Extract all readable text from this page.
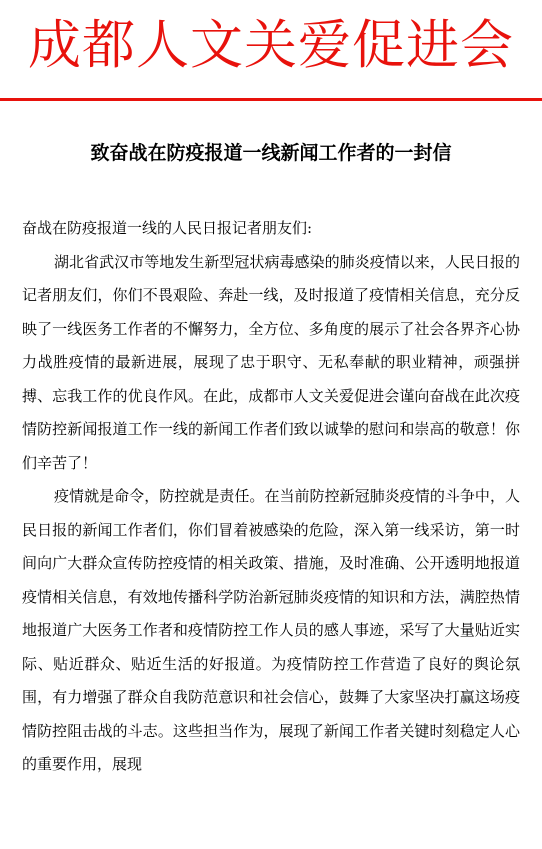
成都人文关爱促进会
致奋战在防疫报道一线新闻工作者的一封信

奋战在防疫报道一线的人民日报记者朋友们:

湖北省武汉市等地发生新型冠状病毒感染的肺炎疫情以来，人民日报的记者朋友们，你们不畏艰险、奔赴一线，及时报道了疫情相关信息，充分反映了一线医务工作者的不懈努力，全方位、多角度的展示了社会各界齐心协力战胜疫情的最新进展，展现了忠于职守、无私奉献的职业精神，顽强拼搏、忘我工作的优良作风。在此，成都市人文关爱促进会谨向奋战在此次疫情防控新闻报道工作一线的新闻工作者们致以诚挚的慰问和崇高的敬意！你们辛苦了！

疫情就是命令，防控就是责任。在当前防控新冠肺炎疫情的斗争中，人民日报的新闻工作者们，你们冒着被感染的危险，深入第一线采访，第一时间向广大群众宣传防控疫情的相关政策、措施，及时准确、公开透明地报道疫情相关信息，有效地传播科学防治新冠肺炎疫情的知识和方法，满腔热情地报道广大医务工作者和疫情防控工作人员的感人事迹，采写了大量贴近实际、贴近群众、贴近生活的好报道。为疫情防控工作营造了良好的舆论氛围，有力增强了群众自我防范意识和社会信心，鼓舞了大家坚决打赢这场疫情防控阻击战的斗志。这些担当作为，展现了新闻工作者关键时刻稳定人心的重要作用，展现
